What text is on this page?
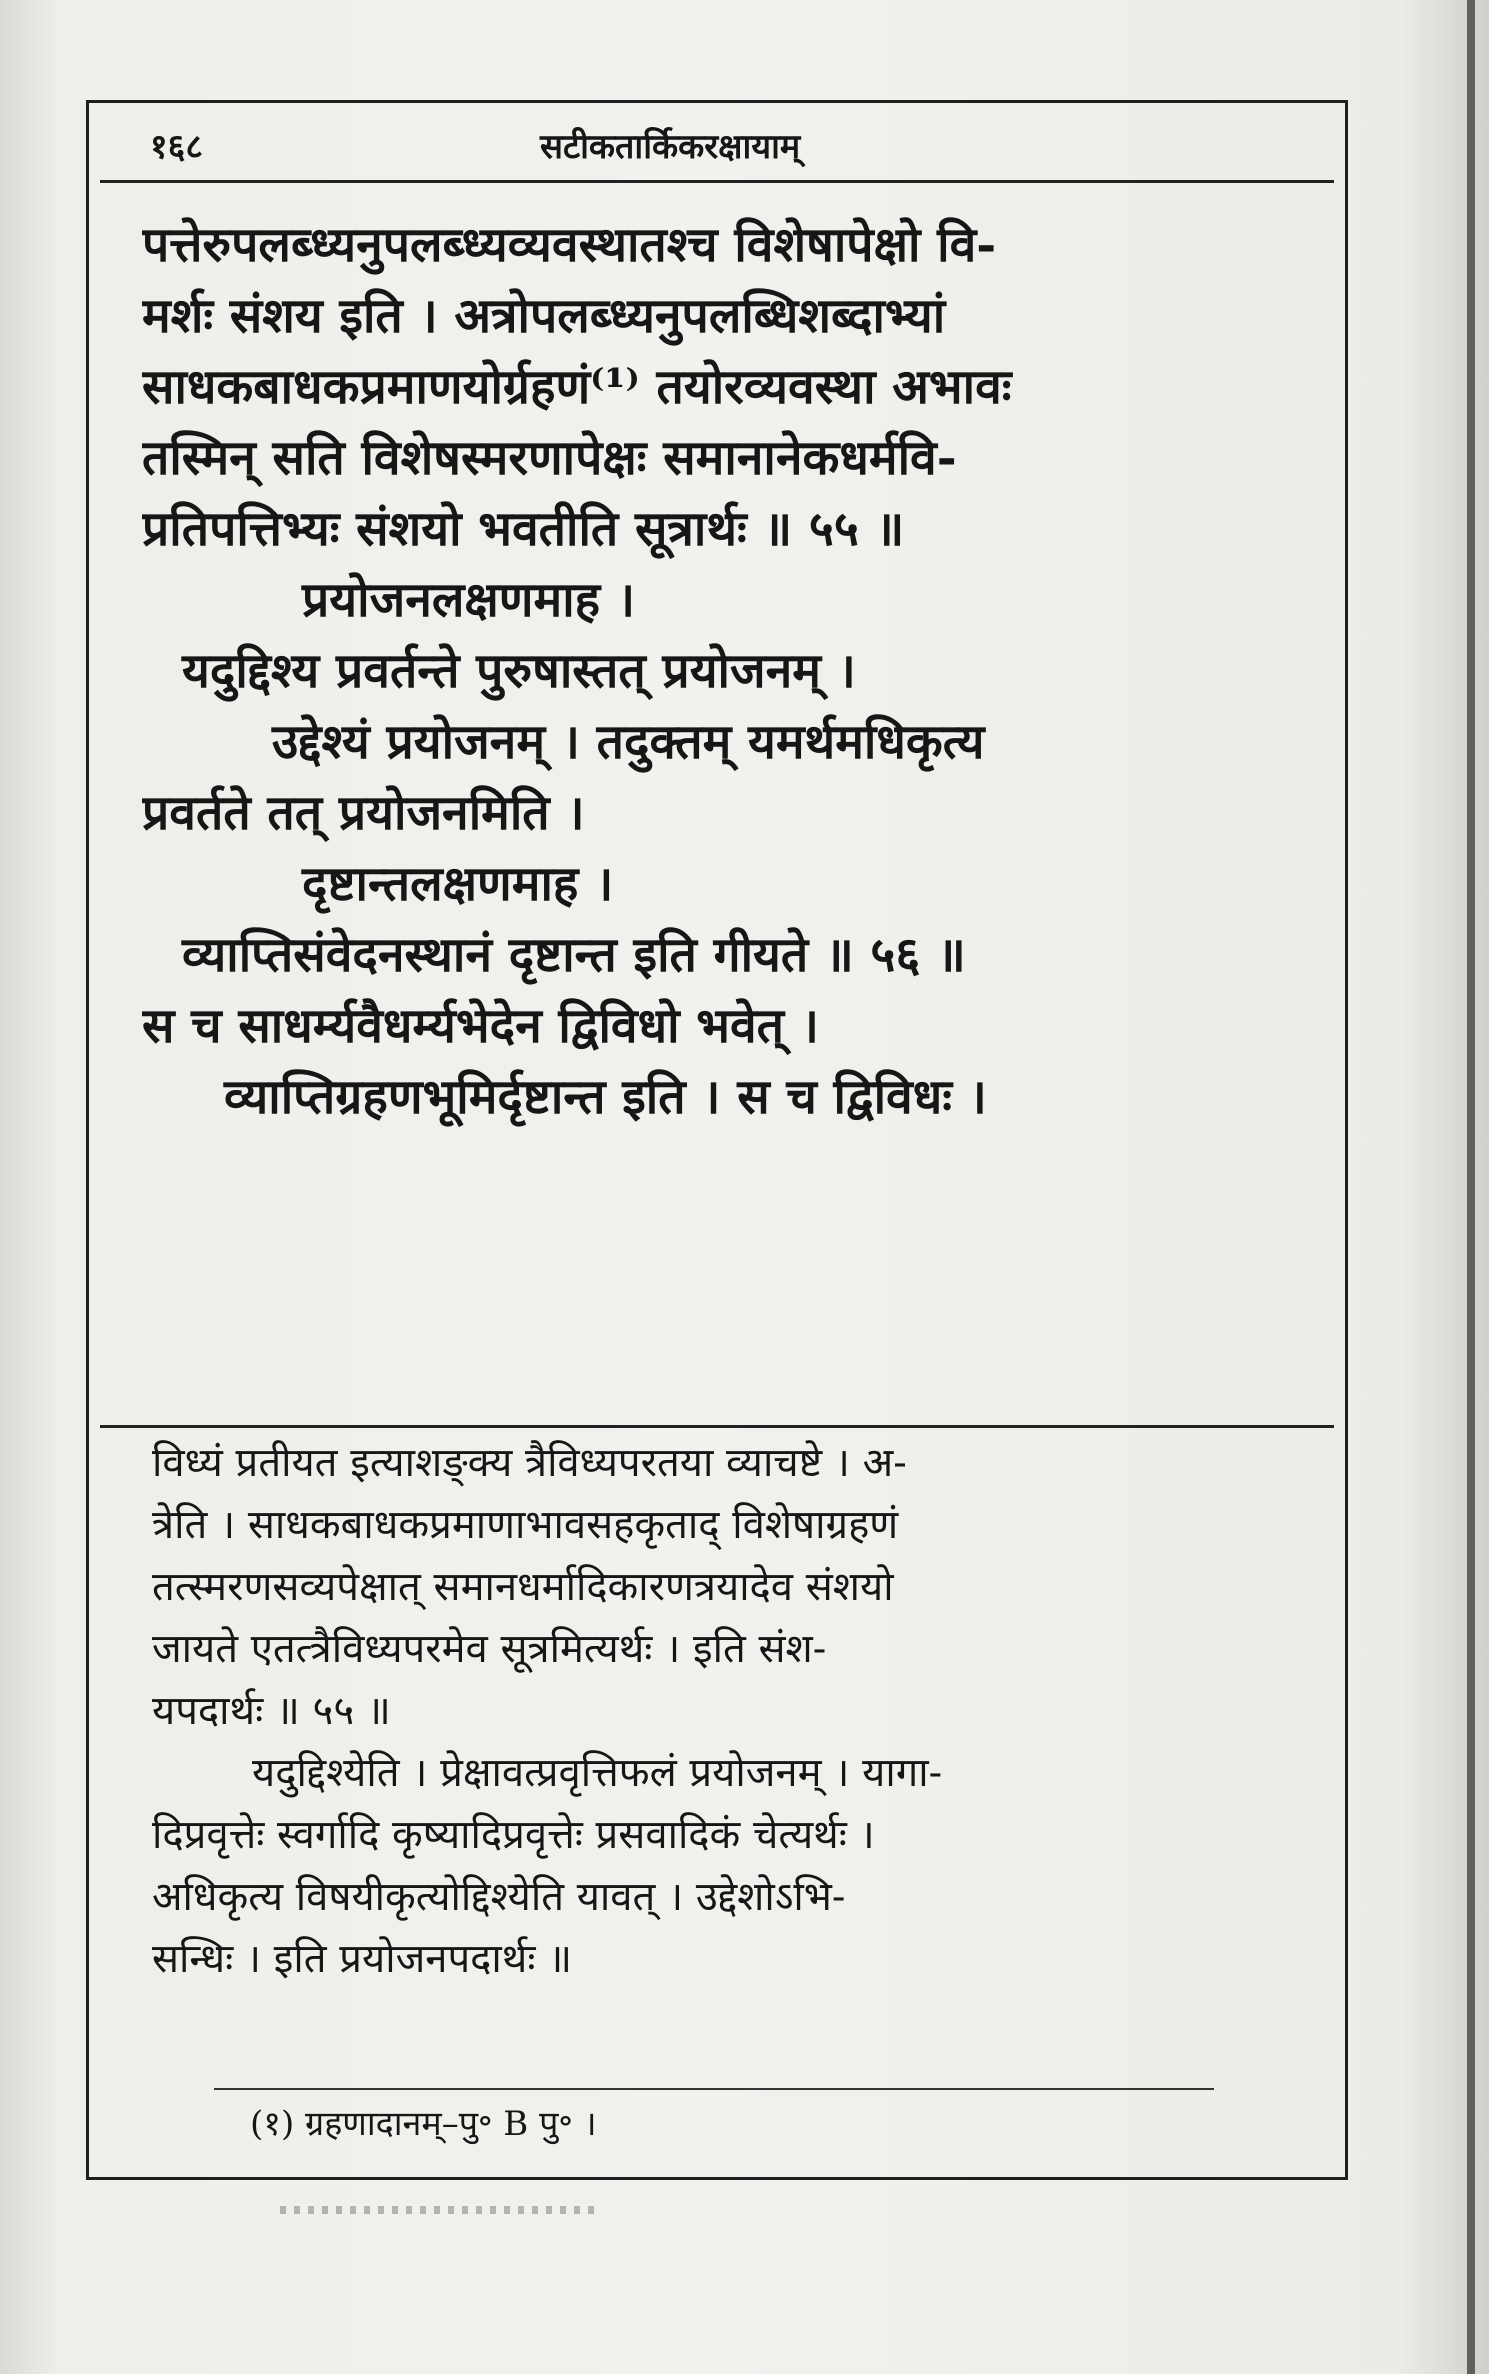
१६८	सटीकतार्किकरक्षायाम्
पत्तेरुपलब्ध्यनुपलब्ध्यव्यवस्थातश्च विशेषापेक्षो वि-
मर्शः संशय इति । अत्रोपलब्ध्यनुपलब्धिशब्दाभ्यां
साधकबाधकप्रमाणयोर्ग्रहणं⁽¹⁾ तयोरव्यवस्था अभावः
तस्मिन् सति विशेषस्मरणापेक्षः समानानेकधर्मवि-
प्रतिपत्तिभ्यः संशयो भवतीति सूत्रार्थः ॥ ५५ ॥
प्रयोजनलक्षणमाह ।
यदुद्दिश्य प्रवर्तन्ते पुरुषास्तत् प्रयोजनम् ।
उद्देश्यं प्रयोजनम् । तदुक्तम् यमर्थमधिकृत्य
प्रवर्तते तत् प्रयोजनमिति ।
दृष्टान्तलक्षणमाह ।
व्याप्तिसंवेदनस्थानं दृष्टान्त इति गीयते ॥ ५६ ॥
स च साधर्म्यवैधर्म्यभेदेन द्विविधो भवेत् ।
व्याप्तिग्रहणभूमिर्दृष्टान्त इति । स च द्विविधः ।
विध्यं प्रतीयत इत्याशङ्क्य त्रैविध्यपरतया व्याचष्टे । अ-
त्रेति । साधकबाधकप्रमाणाभावसहकृताद् विशेषाग्रहणं
तत्स्मरणसव्यपेक्षात् समानधर्मादिकारणत्रयादेव संशयो
जायते एतत्त्रैविध्यपरमेव सूत्रमित्यर्थः । इति संश-
यपदार्थः ॥ ५५ ॥
यदुद्दिश्येति । प्रेक्षावत्प्रवृत्तिफलं प्रयोजनम् । यागा-
दिप्रवृत्तेः स्वर्गादि कृष्यादिप्रवृत्तेः प्रसवादिकं चेत्यर्थः ।
अधिकृत्य विषयीकृत्योद्दिश्येति यावत् । उद्देशोऽभि-
सन्धिः । इति प्रयोजनपदार्थः ॥
(१) ग्रहणादानम्–पु॰ B पु॰ ।
